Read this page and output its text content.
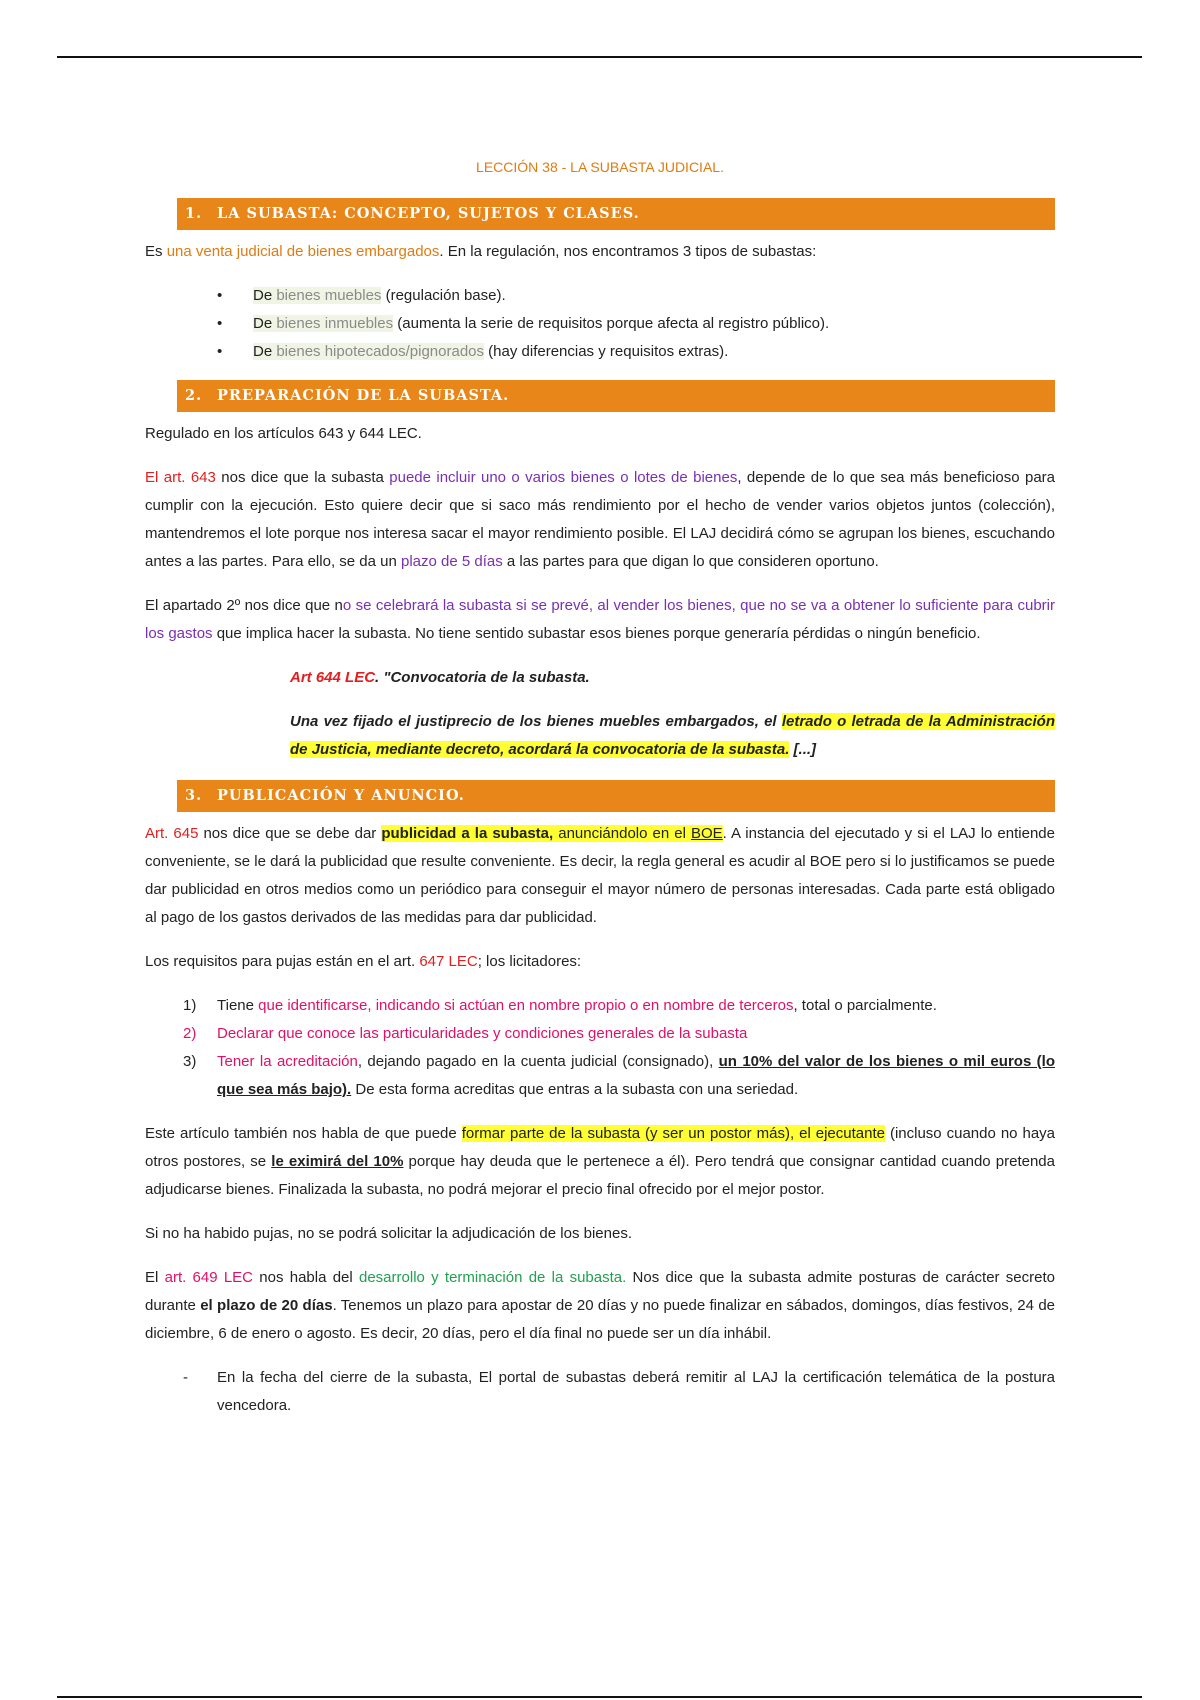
LECCIÓN 38 - LA SUBASTA JUDICIAL.
1. LA SUBASTA: CONCEPTO, SUJETOS Y CLASES.

Es una venta judicial de bienes embargados. En la regulación, nos encontramos 3 tipos de subastas:

• De bienes muebles (regulación base).
• De bienes inmuebles (aumenta la serie de requisitos porque afecta al registro público).
• De bienes hipotecados/pignorados (hay diferencias y requisitos extras).
2. PREPARACIÓN DE LA SUBASTA.

Regulado en los artículos 643 y 644 LEC.

El art. 643 nos dice que la subasta puede incluir uno o varios bienes o lotes de bienes, depende de lo que sea más beneficioso para cumplir con la ejecución. Esto quiere decir que si saco más rendimiento por el hecho de vender varios objetos juntos (colección), mantendremos el lote porque nos interesa sacar el mayor rendimiento posible. El LAJ decidirá cómo se agrupan los bienes, escuchando antes a las partes. Para ello, se da un plazo de 5 días a las partes para que digan lo que consideren oportuno.

El apartado 2º nos dice que no se celebrará la subasta si se prevé, al vender los bienes, que no se va a obtener lo suficiente para cubrir los gastos que implica hacer la subasta. No tiene sentido subastar esos bienes porque generaría pérdidas o ningún beneficio.

Art 644 LEC. "Convocatoria de la subasta.

Una vez fijado el justiprecio de los bienes muebles embargados, el letrado o letrada de la Administración de Justicia, mediante decreto, acordará la convocatoria de la subasta. [...]

3. PUBLICACIÓN Y ANUNCIO.

Art. 645 nos dice que se debe dar publicidad a la subasta, anunciándolo en el BOE. A instancia del ejecutado y si el LAJ lo entiende conveniente, se le dará la publicidad que resulte conveniente. Es decir, la regla general es acudir al BOE pero si lo justificamos se puede dar publicidad en otros medios como un periódico para conseguir el mayor número de personas interesadas. Cada parte está obligado al pago de los gastos derivados de las medidas para dar publicidad.

Los requisitos para pujas están en el art. 647 LEC; los licitadores:

1) Tiene que identificarse, indicando si actúan en nombre propio o en nombre de terceros, total o parcialmente.
2) Declarar que conoce las particularidades y condiciones generales de la subasta
3) Tener la acreditación, dejando pagado en la cuenta judicial (consignado), un 10% del valor de los bienes o mil euros (lo que sea más bajo). De esta forma acreditas que entras a la subasta con una seriedad.

Este artículo también nos habla de que puede formar parte de la subasta (y ser un postor más), el ejecutante (incluso cuando no haya otros postores, se le eximirá del 10% porque hay deuda que le pertenece a él). Pero tendrá que consignar cantidad cuando pretenda adjudicarse bienes. Finalizada la subasta, no podrá mejorar el precio final ofrecido por el mejor postor.

Si no ha habido pujas, no se podrá solicitar la adjudicación de los bienes.

El art. 649 LEC nos habla del desarrollo y terminación de la subasta. Nos dice que la subasta admite posturas de carácter secreto durante el plazo de 20 días. Tenemos un plazo para apostar de 20 días y no puede finalizar en sábados, domingos, días festivos, 24 de diciembre, 6 de enero o agosto. Es decir, 20 días, pero el día final no puede ser un día inhábil.

- En la fecha del cierre de la subasta, El portal de subastas deberá remitir al LAJ la certificación telemática de la postura vencedora.
